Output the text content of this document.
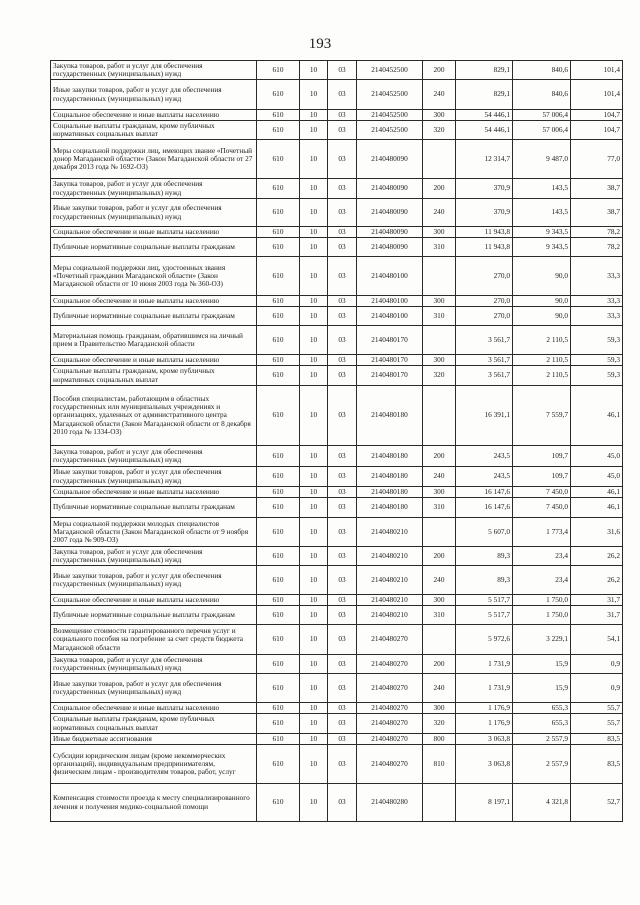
193
Закупка товаров, работ и услуг для обеспечения государственных (муниципальных) нужд	610	10	03	2140452500	200	829,1	840,6	101,4
Иные закупки товаров, работ и услуг для обеспечения государственных (муниципальных) нужд	610	10	03	2140452500	240	829,1	840,6	101,4
Социальное обеспечение и иные выплаты населению	610	10	03	2140452500	300	54 446,1	57 006,4	104,7
Социальные выплаты гражданам, кроме публичных нормативных социальных выплат	610	10	03	2140452500	320	54 446,1	57 006,4	104,7
Меры социальной поддержки лиц, имеющих звание «Почетный донор Магаданской области» (Закон Магаданской области от 27 декабря 2013 года № 1692-ОЗ)	610	10	03	2140480090		12 314,7	9 487,0	77,0
Закупка товаров, работ и услуг для обеспечения государственных (муниципальных) нужд	610	10	03	2140480090	200	370,9	143,5	38,7
Иные закупки товаров, работ и услуг для обеспечения государственных (муниципальных) нужд	610	10	03	2140480090	240	370,9	143,5	38,7
Социальное обеспечение и иные выплаты населению	610	10	03	2140480090	300	11 943,8	9 343,5	78,2
Публичные нормативные социальные выплаты гражданам	610	10	03	2140480090	310	11 943,8	9 343,5	78,2
Меры социальной поддержки лиц, удостоенных звания «Почетный гражданин Магаданской области» (Закон Магаданской области от 10 июня 2003 года № 360-ОЗ)	610	10	03	2140480100		270,0	90,0	33,3
Социальное обеспечение и иные выплаты населению	610	10	03	2140480100	300	270,0	90,0	33,3
Публичные нормативные социальные выплаты гражданам	610	10	03	2140480100	310	270,0	90,0	33,3
Материальная помощь гражданам, обратившимся на личный прием в Правительство Магаданской области	610	10	03	2140480170		3 561,7	2 110,5	59,3
Социальное обеспечение и иные выплаты населению	610	10	03	2140480170	300	3 561,7	2 110,5	59,3
Социальные выплаты гражданам, кроме публичных нормативных социальных выплат	610	10	03	2140480170	320	3 561,7	2 110,5	59,3
Пособия специалистам, работающим в областных государственных или муниципальных учреждениях и организациях, удаленных от административного центра Магаданской области (Закон Магаданской области от 8 декабря 2010 года № 1334-ОЗ)	610	10	03	2140480180		16 391,1	7 559,7	46,1
Закупка товаров, работ и услуг для обеспечения государственных (муниципальных) нужд	610	10	03	2140480180	200	243,5	109,7	45,0
Иные закупки товаров, работ и услуг для обеспечения государственных (муниципальных) нужд	610	10	03	2140480180	240	243,5	109,7	45,0
Социальное обеспечение и иные выплаты населению	610	10	03	2140480180	300	16 147,6	7 450,0	46,1
Публичные нормативные социальные выплаты гражданам	610	10	03	2140480180	310	16 147,6	7 450,0	46,1
Меры социальной поддержки молодых специалистов Магаданской области (Закон Магаданской области от 9 ноября 2007 года № 909-ОЗ)	610	10	03	2140480210		5 607,0	1 773,4	31,6
Закупка товаров, работ и услуг для обеспечения государственных (муниципальных) нужд	610	10	03	2140480210	200	89,3	23,4	26,2
Иные закупки товаров, работ и услуг для обеспечения государственных (муниципальных) нужд	610	10	03	2140480210	240	89,3	23,4	26,2
Социальное обеспечение и иные выплаты населению	610	10	03	2140480210	300	5 517,7	1 750,0	31,7
Публичные нормативные социальные выплаты гражданам	610	10	03	2140480210	310	5 517,7	1 750,0	31,7
Возмещение стоимости гарантированного перечня услуг и социального пособия на погребение за счет средств бюджета Магаданской области	610	10	03	2140480270		5 972,6	3 229,1	54,1
Закупка товаров, работ и услуг для обеспечения государственных (муниципальных) нужд	610	10	03	2140480270	200	1 731,9	15,9	0,9
Иные закупки товаров, работ и услуг для обеспечения государственных (муниципальных) нужд	610	10	03	2140480270	240	1 731,9	15,9	0,9
Социальное обеспечение и иные выплаты населению	610	10	03	2140480270	300	1 176,9	655,3	55,7
Социальные выплаты гражданам, кроме публичных нормативных социальных выплат	610	10	03	2140480270	320	1 176,9	655,3	55,7
Иные бюджетные ассигнования	610	10	03	2140480270	800	3 063,8	2 557,9	83,5
Субсидии юридическим лицам (кроме некоммерческих организаций), индивидуальным предпринимателям, физическим лицам - производителям товаров, работ, услуг	610	10	03	2140480270	810	3 063,8	2 557,9	83,5
Компенсация стоимости проезда к месту специализированного лечения и получения медико-социальной помощи	610	10	03	2140480280		8 197,1	4 321,8	52,7
